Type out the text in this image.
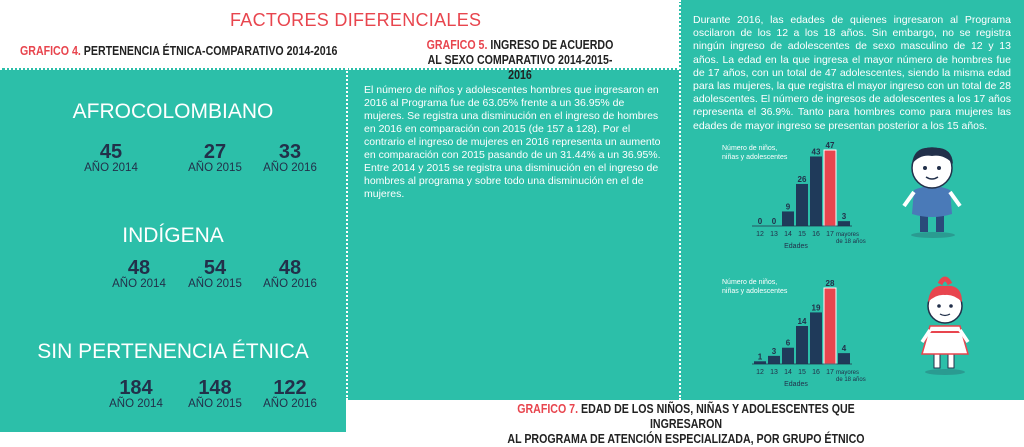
FACTORES DIFERENCIALES
GRAFICO 4. PERTENENCIA ÉTNICA-COMPARATIVO 2014-2016	GRAFICO 5. INGRESO DE ACUERDO
AL SEXO COMPARATIVO 2014-2015-2016
GRAFICO 7. EDAD DE LOS NIÑOS, NIÑAS Y ADOLESCENTES QUE INGRESARON
AL PROGRAMA DE ATENCIÓN ESPECIALIZADA, POR GRUPO ÉTNICO
AFROCOLOMBIANO
45
AÑO 2014
27
AÑO 2015
33
AÑO 2016
INDÍGENA
48
AÑO 2014
54
AÑO 2015
48
AÑO 2016
SIN PERTENENCIA ÉTNICA
184
AÑO 2014
148
AÑO 2015
122
AÑO 2016
El número de niños y adolescentes hombres que ingresaron en 2016 al Programa fue de 63.05% frente a un 36.95% de mujeres. Se registra una disminución en el ingreso de hombres en 2016 en comparación con 2015 (de 157 a 128). Por el contrario el ingreso de mujeres en 2016 representa un aumento en comparación con 2015 pasando de un 31.44% a un 36.95%. Entre 2014 y 2015 se registra una disminución en el ingreso de hombres al programa y sobre todo una disminución en el de mujeres.
Durante 2016, las edades de quienes ingresaron al Programa oscilaron de los 12 a los 18 años. Sin embargo, no se registra ningún ingreso de adolescentes de sexo masculino de 12 y 13 años. La edad en la que ingresa el mayor número de hombres fue de 17 años, con un total de 47 adolescentes, siendo la misma edad para las mujeres, la que registra el mayor ingreso con un total de 28 adolescentes. El número de ingresos de adolescentes a los 17 años representa el 36.9%. Tanto para hombres como para mujeres las edades de mayor ingreso se presentan posterior a los 15 años.
Número de niños,
niñas y adolescentes
0
12
0
13
9
14
26
15
43
16
47
17
3
mayores
de 18 años
Edades
Número de niños,
niñas y adolescentes
1
12
3
13
6
14
14
15
19
16
28
17
4
mayores
de 18 años
Edades
